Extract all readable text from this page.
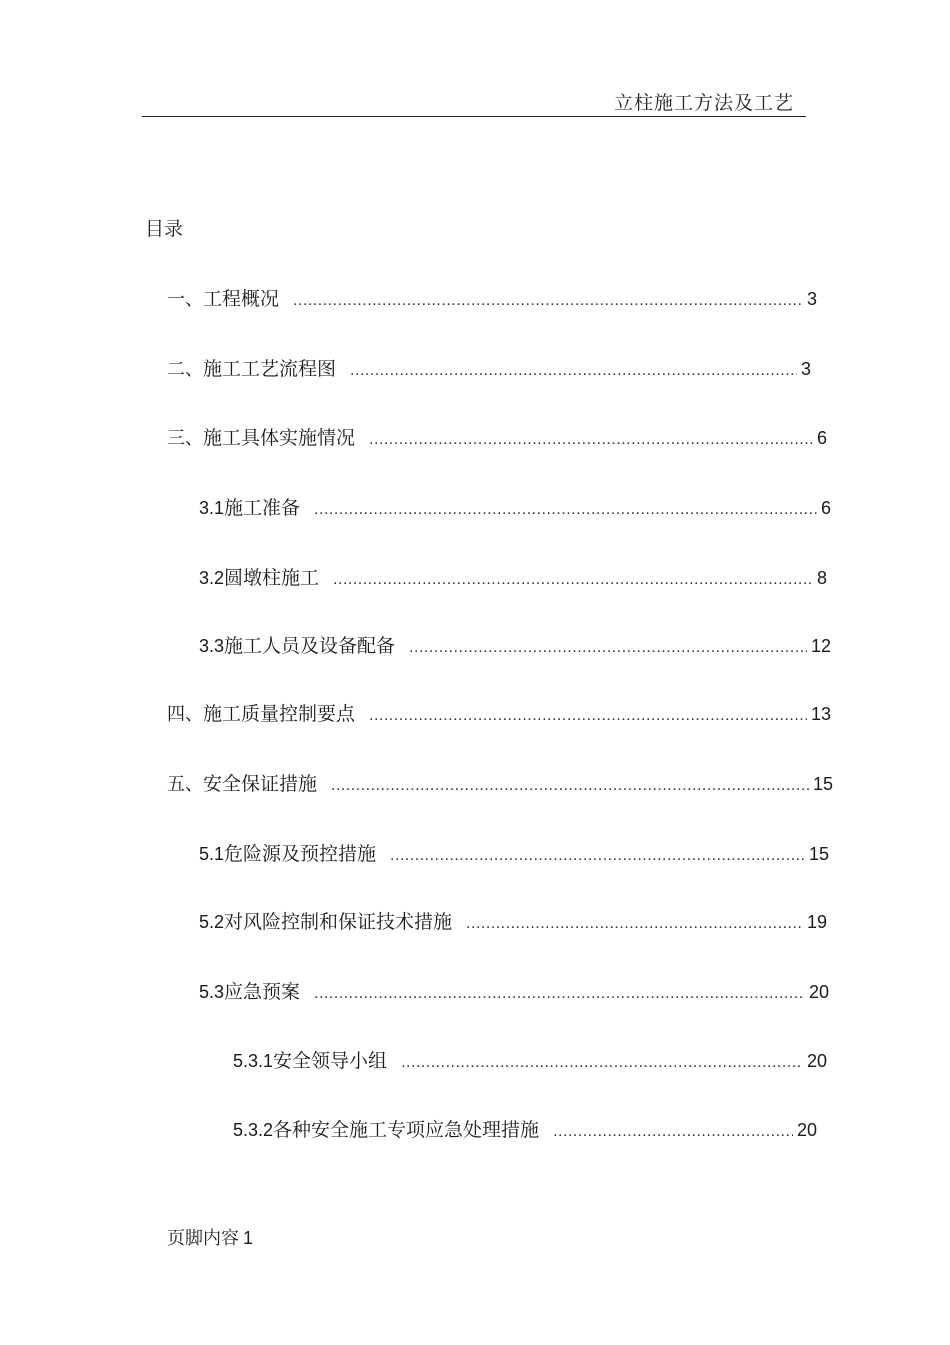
立柱施工方法及工艺
目录
一、 工程概况 .....	3
二、 施工工艺流程图 .....	3
三、 施工具体实施情况 .....	6
3.1 施工准备 .....	6
3.2 圆墩柱施工 .....	8
3.3 施工人员及设备配备 .....	12
四、 施工质量控制要点 .....	13
五、 安全保证措施 .....	15
5.1 危险源及预控措施 .....	15
5.2 对风险控制和保证技术措施 .....	19
5.3 应急预案 .....	20
5.3.1 安全领导小组 .....	20
5.3.2 各种安全施工专项应急处理措施 .....	20
页脚内容 1
